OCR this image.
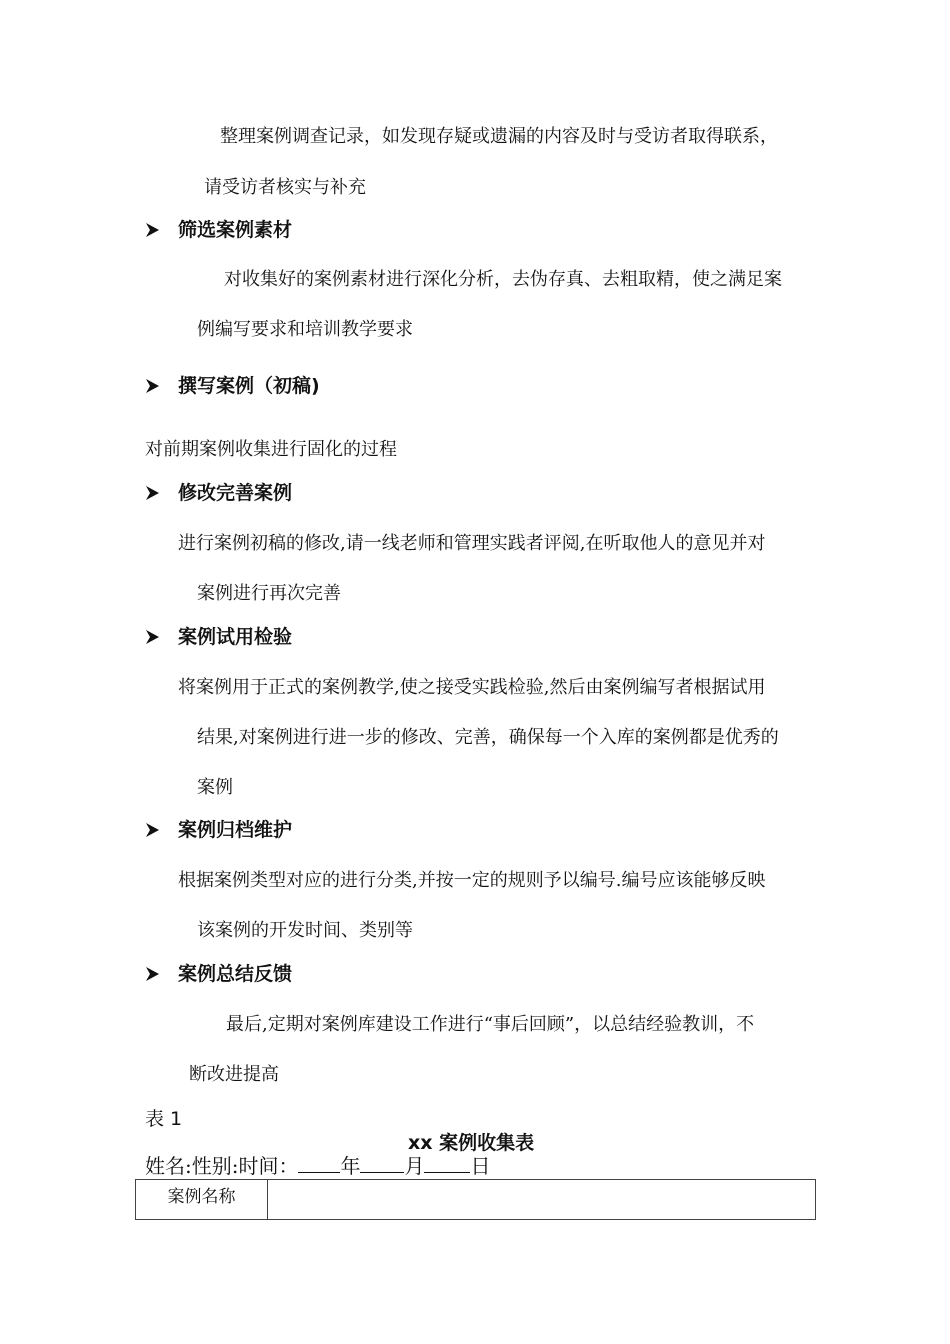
整理案例调查记录，如发现存疑或遗漏的内容及时与受访者取得联系，
请受访者核实与补充
筛选案例素材
对收集好的案例素材进行深化分析，去伪存真、去粗取精，使之满足案
例编写要求和培训教学要求
撰写案例（初稿)
对前期案例收集进行固化的过程
修改完善案例
进行案例初稿的修改,请一线老师和管理实践者评阅,在听取他人的意见并对
案例进行再次完善
案例试用检验
将案例用于正式的案例教学,使之接受实践检验,然后由案例编写者根据试用
结果,对案例进行进一步的修改、完善，确保每一个入库的案例都是优秀的
案例
案例归档维护
根据案例类型对应的进行分类,并按一定的规则予以编号.编号应该能够反映
该案例的开发时间、类别等
案例总结反馈
最后,定期对案例库建设工作进行“事后回顾”，以总结经验教训，不
断改进提高
表 1
xx 案例收集表
姓名:性别:时间： 年 月 日
案例名称	
